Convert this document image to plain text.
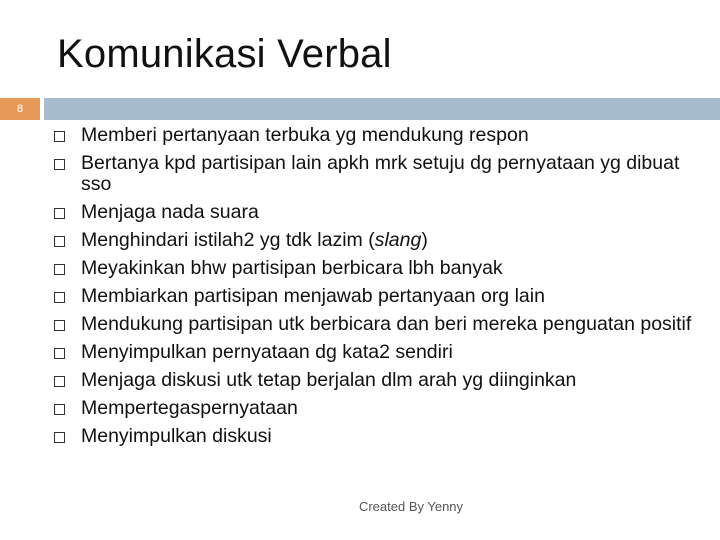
Komunikasi Verbal
8
Memberi pertanyaan terbuka yg mendukung respon
Bertanya kpd partisipan lain apkh mrk setuju dg pernyataan yg dibuat sso
Menjaga nada suara
Menghindari istilah2 yg tdk lazim (slang)
Meyakinkan bhw partisipan berbicara lbh banyak
Membiarkan partisipan menjawab pertanyaan org lain
Mendukung partisipan utk berbicara dan beri mereka penguatan positif
Menyimpulkan pernyataan dg kata2 sendiri
Menjaga diskusi utk tetap berjalan dlm arah yg diinginkan
Mempertegaspernyataan
Menyimpulkan diskusi
Created By Yenny
